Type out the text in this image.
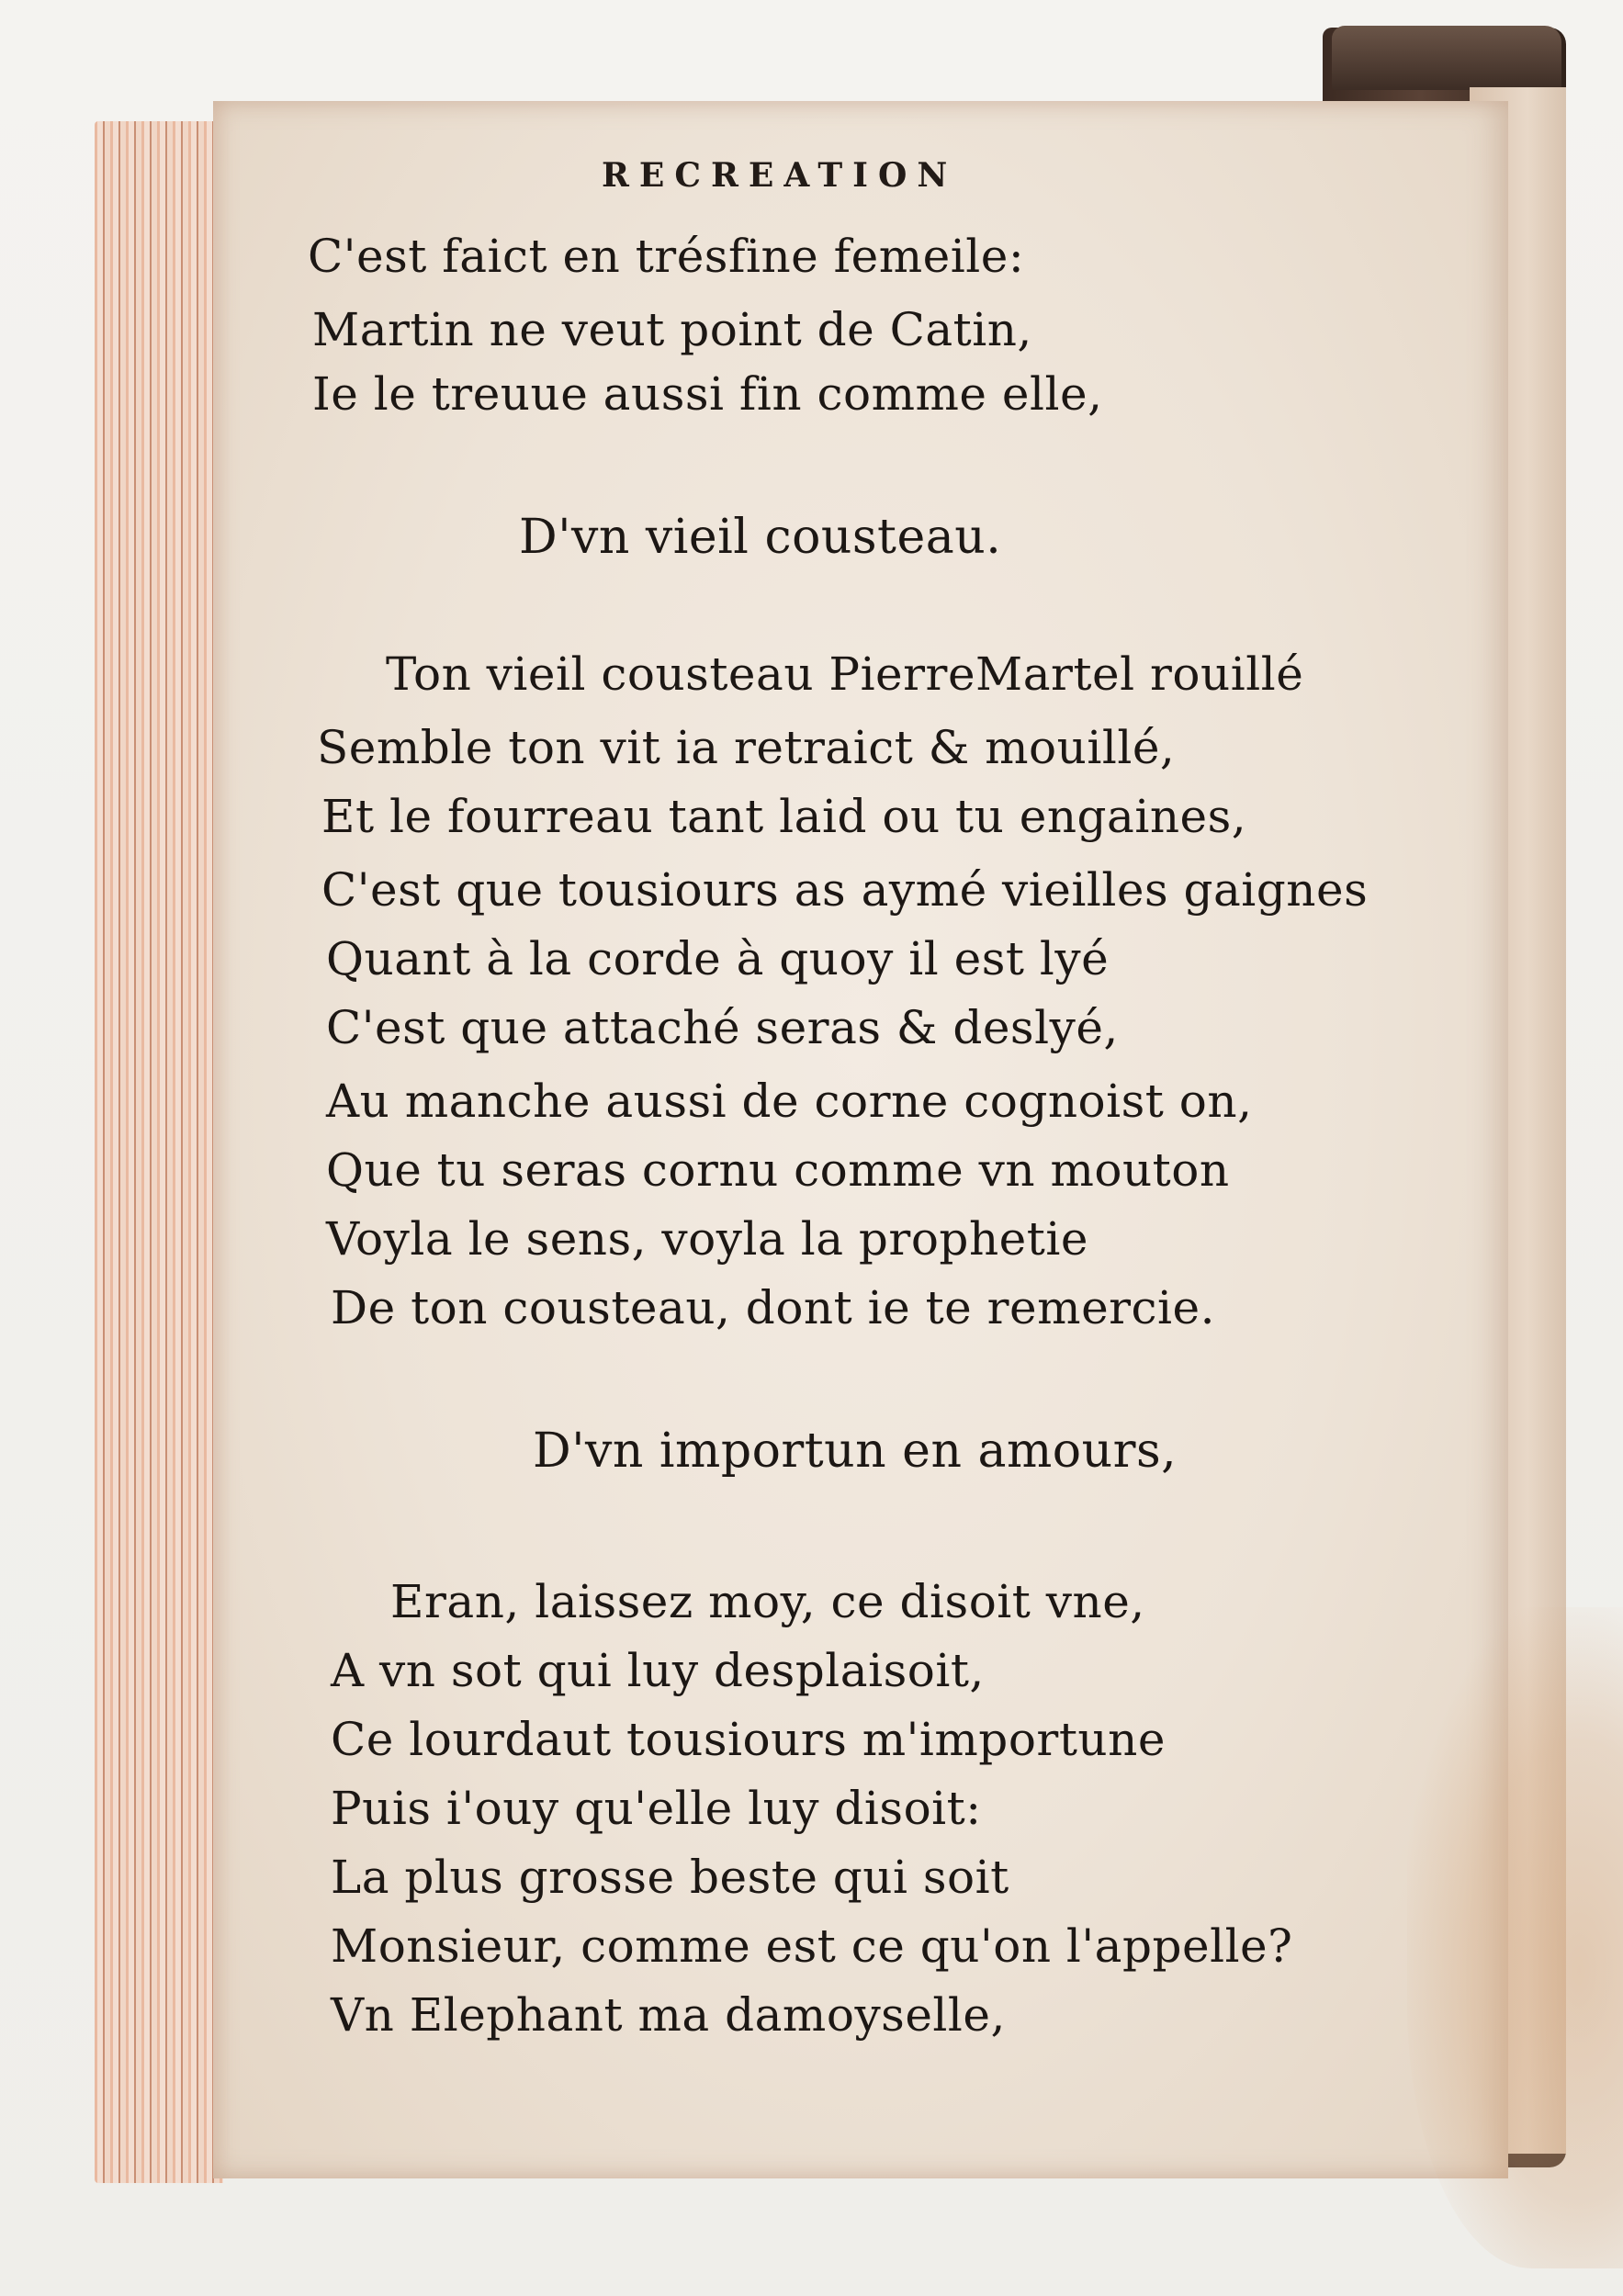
RECREATION
C'est faict en trésfine femeile:
Martin ne veut point de Catin,
Ie le treuue aussi fin comme elle,
D'vn vieil cousteau.
Ton vieil cousteau PierreMartel rouillé
Semble ton vit ia retraict & mouillé,
Et le fourreau tant laid ou tu engaines,
C'est que tousiours as aymé vieilles gaignes
Quant à la corde à quoy il est lyé
C'est que attaché seras & deslyé,
Au manche aussi de corne cognoist on,
Que tu seras cornu comme vn mouton
Voyla le sens, voyla la prophetie
De ton cousteau, dont ie te remercie.
D'vn importun en amours,
Eran, laissez moy, ce disoit vne,
A vn sot qui luy desplaisoit,
Ce lourdaut tousiours m'importune
Puis i'ouy qu'elle luy disoit:
La plus grosse beste qui soit
Monsieur, comme est ce qu'on l'appelle?
Vn Elephant ma damoyselle,
